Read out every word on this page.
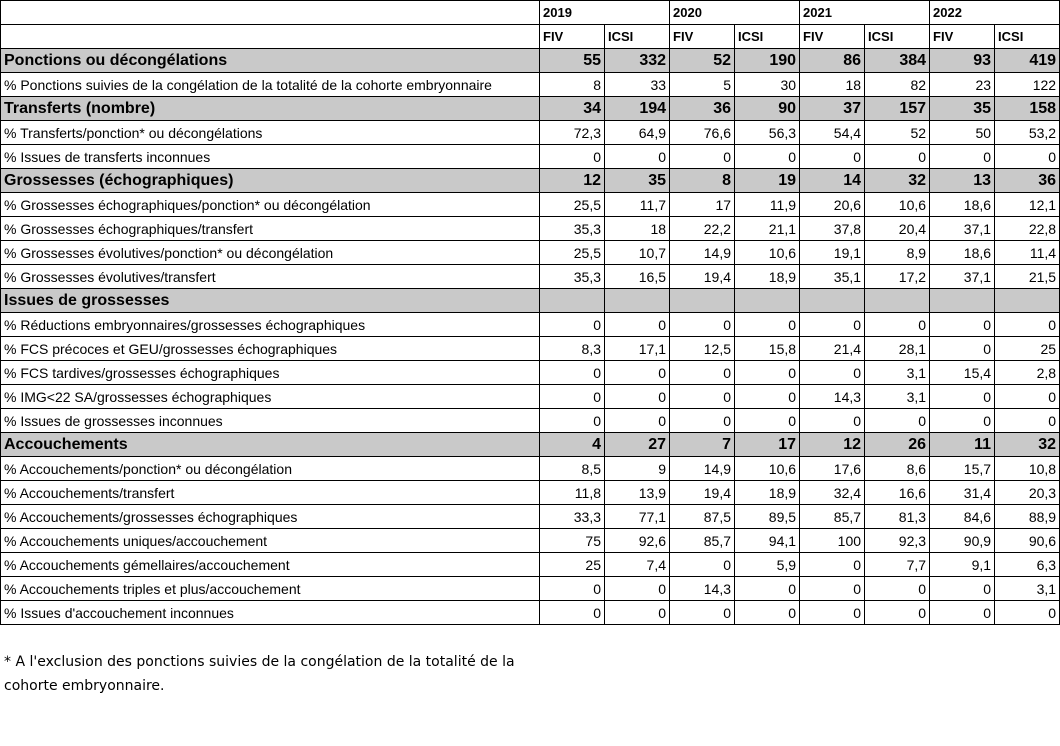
	2019		2020		2021		2022	
	FIV	ICSI	FIV	ICSI	FIV	ICSI	FIV	ICSI
Ponctions ou décongélations	55	332	52	190	86	384	93	419
% Ponctions suivies de la congélation de la totalité de la cohorte embryonnaire	8	33	5	30	18	82	23	122
Transferts (nombre)	34	194	36	90	37	157	35	158
% Transferts/ponction* ou décongélations	72,3	64,9	76,6	56,3	54,4	52	50	53,2
% Issues de transferts inconnues	0	0	0	0	0	0	0	0
Grossesses (échographiques)	12	35	8	19	14	32	13	36
% Grossesses échographiques/ponction* ou décongélation	25,5	11,7	17	11,9	20,6	10,6	18,6	12,1
% Grossesses échographiques/transfert	35,3	18	22,2	21,1	37,8	20,4	37,1	22,8
% Grossesses évolutives/ponction* ou décongélation	25,5	10,7	14,9	10,6	19,1	8,9	18,6	11,4
% Grossesses évolutives/transfert	35,3	16,5	19,4	18,9	35,1	17,2	37,1	21,5
Issues de grossesses								
% Réductions embryonnaires/grossesses échographiques	0	0	0	0	0	0	0	0
% FCS précoces et GEU/grossesses échographiques	8,3	17,1	12,5	15,8	21,4	28,1	0	25
% FCS tardives/grossesses échographiques	0	0	0	0	0	3,1	15,4	2,8
% IMG<22 SA/grossesses échographiques	0	0	0	0	14,3	3,1	0	0
% Issues de grossesses inconnues	0	0	0	0	0	0	0	0
Accouchements	4	27	7	17	12	26	11	32
% Accouchements/ponction* ou décongélation	8,5	9	14,9	10,6	17,6	8,6	15,7	10,8
% Accouchements/transfert	11,8	13,9	19,4	18,9	32,4	16,6	31,4	20,3
% Accouchements/grossesses échographiques	33,3	77,1	87,5	89,5	85,7	81,3	84,6	88,9
% Accouchements uniques/accouchement	75	92,6	85,7	94,1	100	92,3	90,9	90,6
% Accouchements gémellaires/accouchement	25	7,4	0	5,9	0	7,7	9,1	6,3
% Accouchements triples et plus/accouchement	0	0	14,3	0	0	0	0	3,1
% Issues d'accouchement inconnues	0	0	0	0	0	0	0	0
* A l'exclusion des ponctions suivies de la congélation de la totalité de la
cohorte embryonnaire.
